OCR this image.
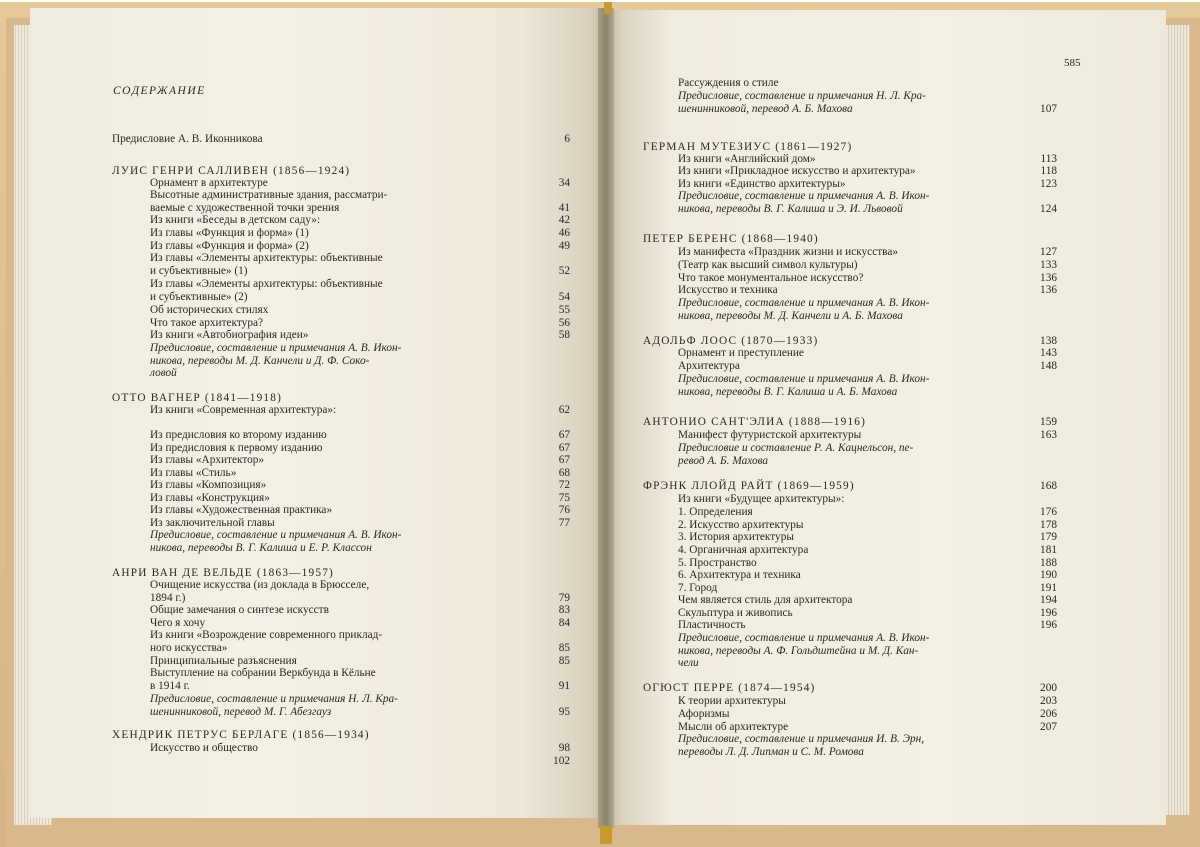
СОДЕРЖАНИЕ
Предисловие А. В. Иконникова	6
ЛУИС ГЕНРИ САЛЛИВЕН (1856—1924)
Орнамент в архитектуре	34
Высотные административные здания, рассматри-
ваемые с художественной точки зрения	41
Из книги «Беседы в детском саду»:	42
Из главы «Функция и форма» (1)	46
Из главы «Функция и форма» (2)	49
Из главы «Элементы архитектуры: объективные
и субъективные» (1)	52
Из главы «Элементы архитектуры: объективные
и субъективные» (2)	54
Об исторических стилях	55
Что такое архитектура?	56
Из книги «Автобиография идеи»	58
Предисловие, составление и примечания А. В. Икон-
никова, переводы М. Д. Канчели и Д. Ф. Соко-
ловой
ОТТО ВАГНЕР (1841—1918)
Из книги «Современная архитектура»:	62
Из предисловия ко второму изданию	67
Из предисловия к первому изданию	67
Из главы «Архитектор»	67
Из главы «Стиль»	68
Из главы «Композиция»	72
Из главы «Конструкция»	75
Из главы «Художественная практика»	76
Из заключительной главы	77
Предисловие, составление и примечания А. В. Икон-
никова, переводы В. Г. Калиша и Е. Р. Классон
АНРИ ВАН ДЕ ВЕЛЬДЕ (1863—1957)
Очищение искусства (из доклада в Брюсселе,
1894 г.)	79
Общие замечания о синтезе искусств	83
Чего я хочу	84
Из книги «Возрождение современного приклад-
ного искусства»	85
Принципиальные разъяснения	85
Выступление на собрании Веркбунда в Кёльне
в 1914 г.	91
Предисловие, составление и примечания Н. Л. Кра-
шенинниковой, перевод М. Г. Абезгауз	95
ХЕНДРИК ПЕТРУС БЕРЛАГЕ (1856—1934)
Искусство и общество	98
102
585
Рассуждения о стиле
Предисловие, составление и примечания Н. Л. Кра-
шенинниковой, перевод А. Б. Махова	107
ГЕРМАН МУТЕЗИУС (1861—1927)
Из книги «Английский дом»	113
Из книги «Прикладное искусство и архитектура»	118
Из книги «Единство архитектуры»	123
Предисловие, составление и примечания А. В. Икон-
никова, переводы В. Г. Калиша и Э. И. Львовой	124
ПЕТЕР БЕРЕНС (1868—1940)
Из манифеста «Праздник жизни и искусства»	127
(Театр как высший символ культуры)	133
Что такое монументальное искусство?	136
Искусство и техника	136
Предисловие, составление и примечания А. В. Икон-
никова, переводы М. Д. Канчели и А. Б. Махова
АДОЛЬФ ЛООС (1870—1933)	138
Орнамент и преступление	143
Архитектура	148
Предисловие, составление и примечания А. В. Икон-
никова, переводы В. Г. Калиша и А. Б. Махова
АНТОНИО САНТ'ЭЛИА (1888—1916)	159
Манифест футуристской архитектуры	163
Предисловие и составление Р. А. Кацнельсон, пе-
ревод А. Б. Махова
ФРЭНК ЛЛОЙД РАЙТ (1869—1959)	168
Из книги «Будущее архитектуры»:
1. Определения	176
2. Искусство архитектуры	178
3. История архитектуры	179
4. Органичная архитектура	181
5. Пространство	188
6. Архитектура и техника	190
7. Город	191
Чем является стиль для архитектора	194
Скульптура и живопись	196
Пластичность	196
Предисловие, составление и примечания А. В. Икон-
никова, переводы А. Ф. Гольдштейна и М. Д. Кан-
чели
ОГЮСТ ПЕРРЕ (1874—1954)	200
К теории архитектуры	203
Афоризмы	206
Мысли об архитектуре	207
Предисловие, составление и примечания И. В. Эрн,
переводы Л. Д. Липман и С. М. Ромова
